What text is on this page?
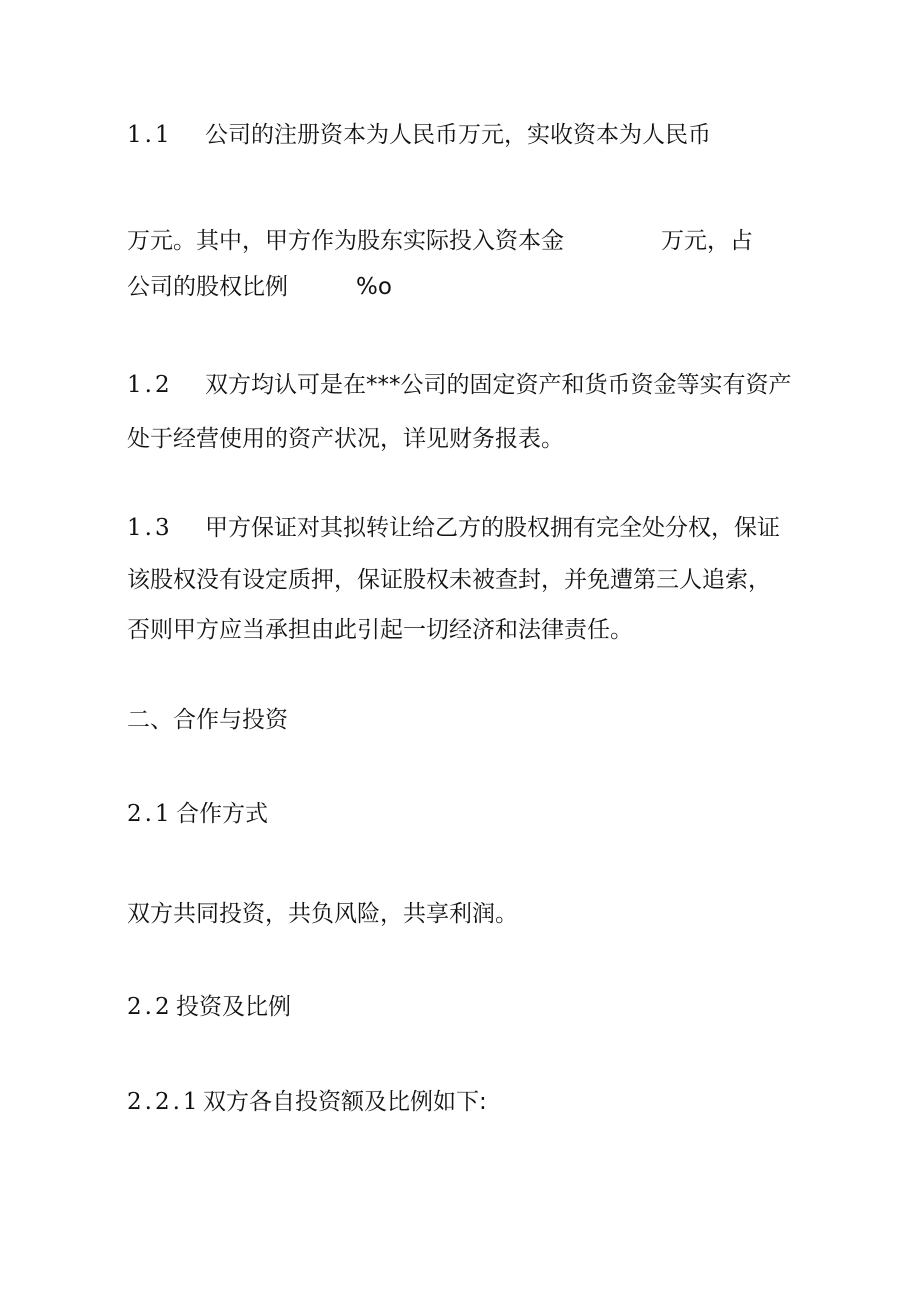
1.1 公司的注册资本为人民币万元，实收资本为人民币
万元。其中，甲方作为股东实际投入资本金	万元，占
公司的股权比例	%o
1.2 双方均认可是在***公司的固定资产和货币资金等实有资产
处于经营使用的资产状况，详见财务报表。
1.3 甲方保证对其拟转让给乙方的股权拥有完全处分权，保证
该股权没有设定质押，保证股权未被查封，并免遭第三人追索，
否则甲方应当承担由此引起一切经济和法律责任。
二、合作与投资
2.1 合作方式
双方共同投资，共负风险，共享利润。
2.2 投资及比例
2.2.1 双方各自投资额及比例如下:
